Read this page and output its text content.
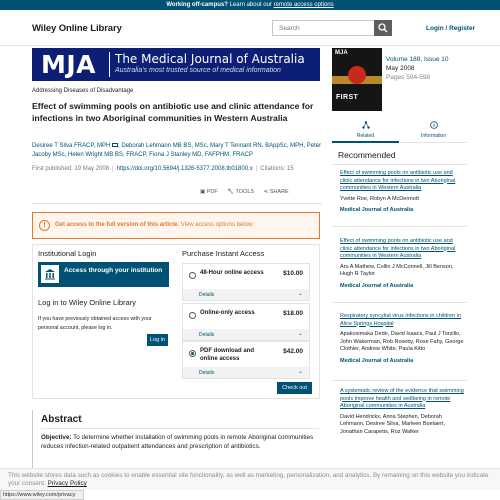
Working off-campus? Learn about our remote access options
Wiley Online Library	Search	Login / Register
MJA The Medical Journal of Australia
Australia's most trusted source of medical information
MJA
FIRST
Volume 188, Issue 10
May 2008
Pages 594-598
Addressing Diseases of Disadvantage
Effect of swimming pools on antibiotic use and clinic attendance for infections in two Aboriginal communities in Western Australia
Desiree T Silva FRACP, MPH , Deborah Lehmann MB BS, MSc, Mary T Tennant RN, BAppSc, MPH, Peter Jacoby MSc, Helen Wright MB BS, FRACP, Fiona J Stanley MD, FAFPHM, FRACP
First published: 19 May 2008 | https://doi.org/10.5694/j.1326-5377.2008.tb01800.x | Citations: 15
▣ PDF 🔧 TOOLS ⋖ SHARE
!	Get access to the full version of this article. View access options below.
Institutional Login
Access through your institution
Log in to Wiley Online Library
If you have previously obtained access with your personal account, please log in.
Log in
Purchase Instant Access
48-Hour online access	$10.00
Details	⌄
Online-only access	$18.00
Details	⌄
PDF download and online access
$42.00
Details	⌄
Check out
Abstract

Objective: To determine whether installation of swimming pools in remote Aboriginal communities reduces infection-related outpatient attendances and prescription of antibiotics.

Related	Information
Recommended
Effect of swimming pools on antibiotic use and clinic attendance for infections in two Aboriginal communities in Western Australia
Yvette Roe, Robyn A McDermott
Medical Journal of Australia
Effect of swimming pools on antibiotic use and clinic attendance for infections in two Aboriginal communities in Western Australia
Aru A Mathew, Collin J McConnell, Jill Benson, Hugh R Taylor
Medical Journal of Australia
Respiratory syncytial virus infections in children in Alice Springs Hospital
Apakosimaka Dede, David Isaacs, Paul J Torzillo, John Wakerman, Rob Roseby, Rose Fahy, George Clothier, Andrew White, Paula Kitto
Medical Journal of Australia
A systematic review of the evidence that swimming pools improve health and wellbeing in remote Aboriginal communities in Australia
David Hendrickx, Anna Stephen, Deborah Lehmann, Desiree Silva, Marleen Boelaert, Jonathan Carapetis, Roz Walker
This website stores data such as cookies to enable essential site functionality, as well as marketing, personalization, and analytics. By remaining on this website you indicate your consent. Privacy Policy
https://www.wiley.com/privacy
